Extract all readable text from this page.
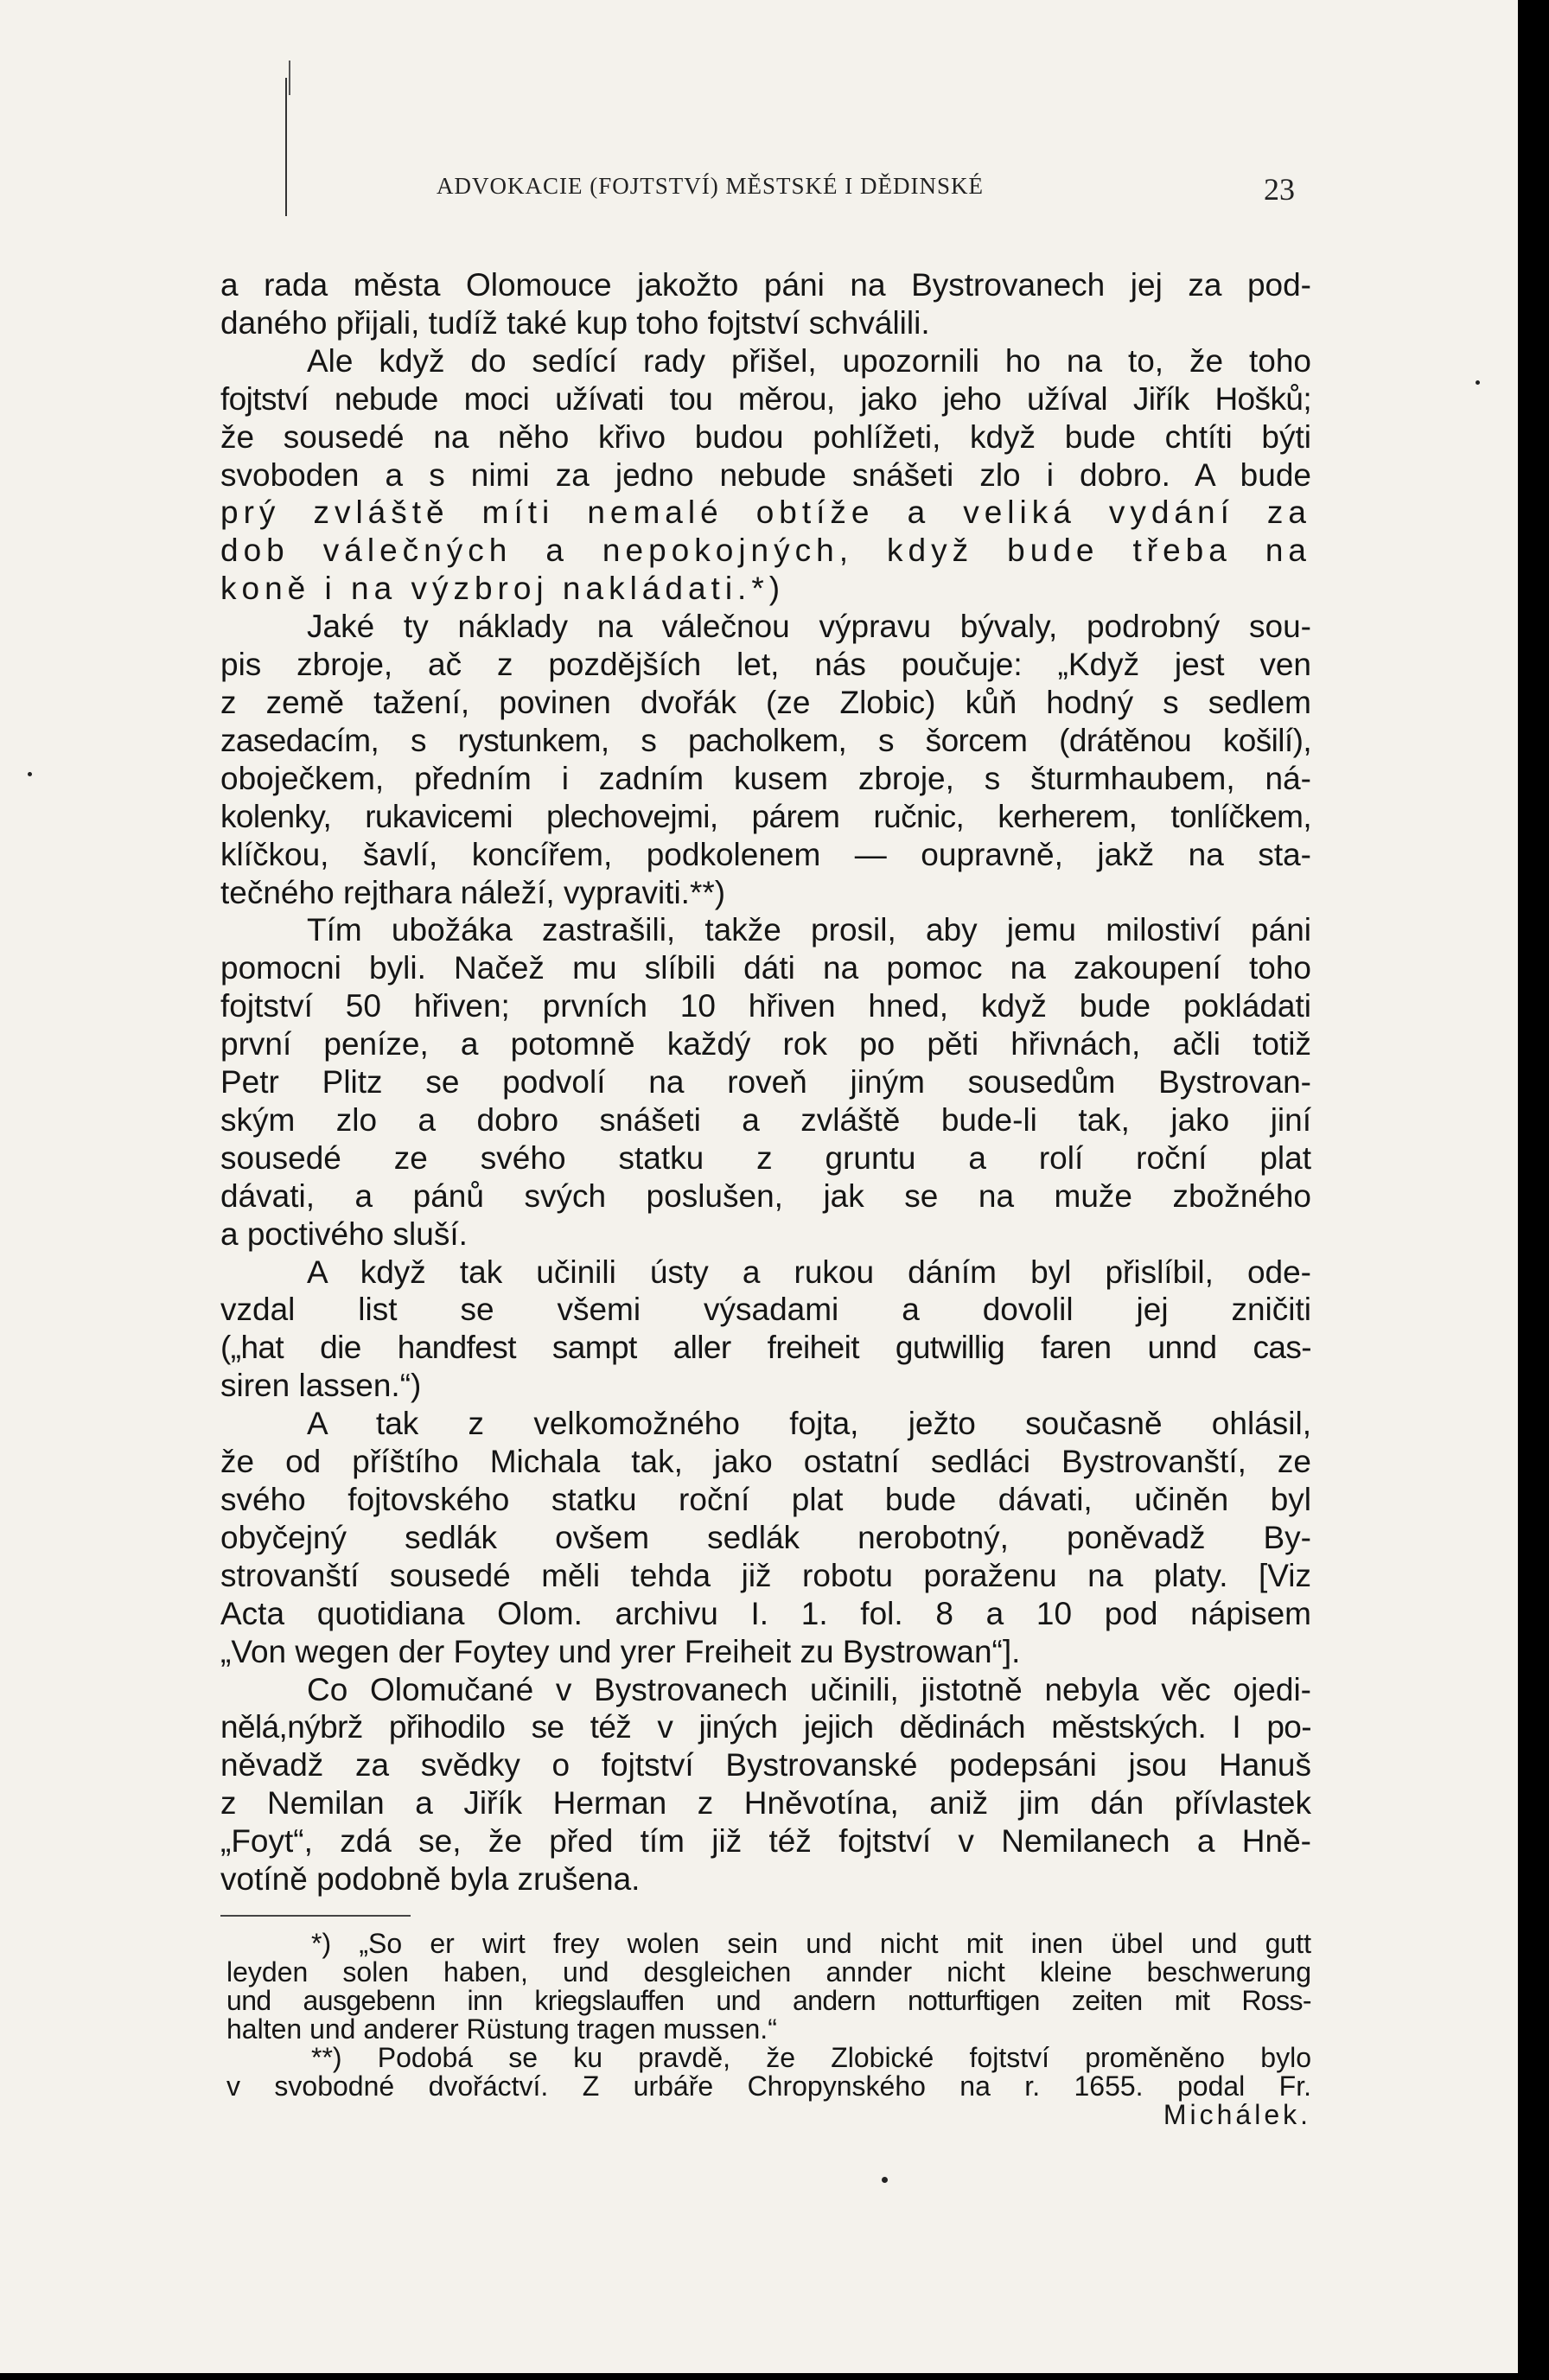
ADVOKACIE (FOJTSTVÍ) MĚSTSKÉ I DĚDINSKÉ	23
a rada města Olomouce jakožto páni na Bystrovanech jej za pod-
daného přijali, tudíž také kup toho fojtství schválili.
Ale když do sedící rady přišel, upozornili ho na to, že toho
fojtství nebude moci užívati tou měrou, jako jeho užíval Jiřík Hošků;
že sousedé na něho křivo budou pohlížeti, když bude chtíti býti
svoboden a s nimi za jedno nebude snášeti zlo i dobro. A bude
prý zvláště míti nemalé obtíže a veliká vydání za
dob válečných a nepokojných, když bude třeba na
koně i na výzbroj nakládati.*)
Jaké ty náklady na válečnou výpravu bývaly, podrobný sou-
pis zbroje, ač z pozdějších let, nás poučuje: „Když jest ven
z země tažení, povinen dvořák (ze Zlobic) kůň hodný s sedlem
zasedacím, s rystunkem, s pacholkem, s šorcem (drátěnou košilí),
oboječkem, předním i zadním kusem zbroje, s šturmhaubem, ná-
kolenky, rukavicemi plechovejmi, párem ručnic, kerherem, tonlíčkem,
klíčkou, šavlí, koncířem, podkolenem — oupravně, jakž na sta-
tečného rejthara náleží, vypraviti.**)
Tím ubožáka zastrašili, takže prosil, aby jemu milostiví páni
pomocni byli. Načež mu slíbili dáti na pomoc na zakoupení toho
fojtství 50 hřiven; prvních 10 hřiven hned, když bude pokládati
první peníze, a potomně každý rok po pěti hřivnách, ačli totiž
Petr Plitz se podvolí na roveň jiným sousedům Bystrovan-
ským zlo a dobro snášeti a zvláště bude-li tak, jako jiní
sousedé ze svého statku z gruntu a rolí roční plat
dávati, a pánů svých poslušen, jak se na muže zbožného
a poctivého sluší.
A když tak učinili ústy a rukou dáním byl přislíbil, ode-
vzdal list se všemi výsadami a dovolil jej zničiti
(„hat die handfest sampt aller freiheit gutwillig faren unnd cas-
siren lassen.“)
A tak z velkomožného fojta, ježto současně ohlásil,
že od příštího Michala tak, jako ostatní sedláci Bystrovanští, ze
svého fojtovského statku roční plat bude dávati, učiněn byl
obyčejný sedlák ovšem sedlák nerobotný, poněvadž By-
strovanští sousedé měli tehda již robotu poraženu na platy. [Viz
Acta quotidiana Olom. archivu I. 1. fol. 8 a 10 pod nápisem
„Von wegen der Foytey und yrer Freiheit zu Bystrowan“].
Co Olomučané v Bystrovanech učinili, jistotně nebyla věc ojedi-
nělá,nýbrž přihodilo se též v jiných jejich dědinách městských. I po-
něvadž za svědky o fojtství Bystrovanské podepsáni jsou Hanuš
z Nemilan a Jiřík Herman z Hněvotína, aniž jim dán přívlastek
„Foyt“, zdá se, že před tím již též fojtství v Nemilanech a Hně-
votíně podobně byla zrušena.
*) „So er wirt frey wolen sein und nicht mit inen übel und gutt
leyden solen haben, und desgleichen annder nicht kleine beschwerung
und ausgebenn inn kriegslauffen und andern notturftigen zeiten mit Ross-
halten und anderer Rüstung tragen mussen.“
**) Podobá se ku pravdě, že Zlobické fojtství proměněno bylo
v svobodné dvořáctví. Z urbáře Chropynského na r. 1655. podal Fr.
Michálek.
